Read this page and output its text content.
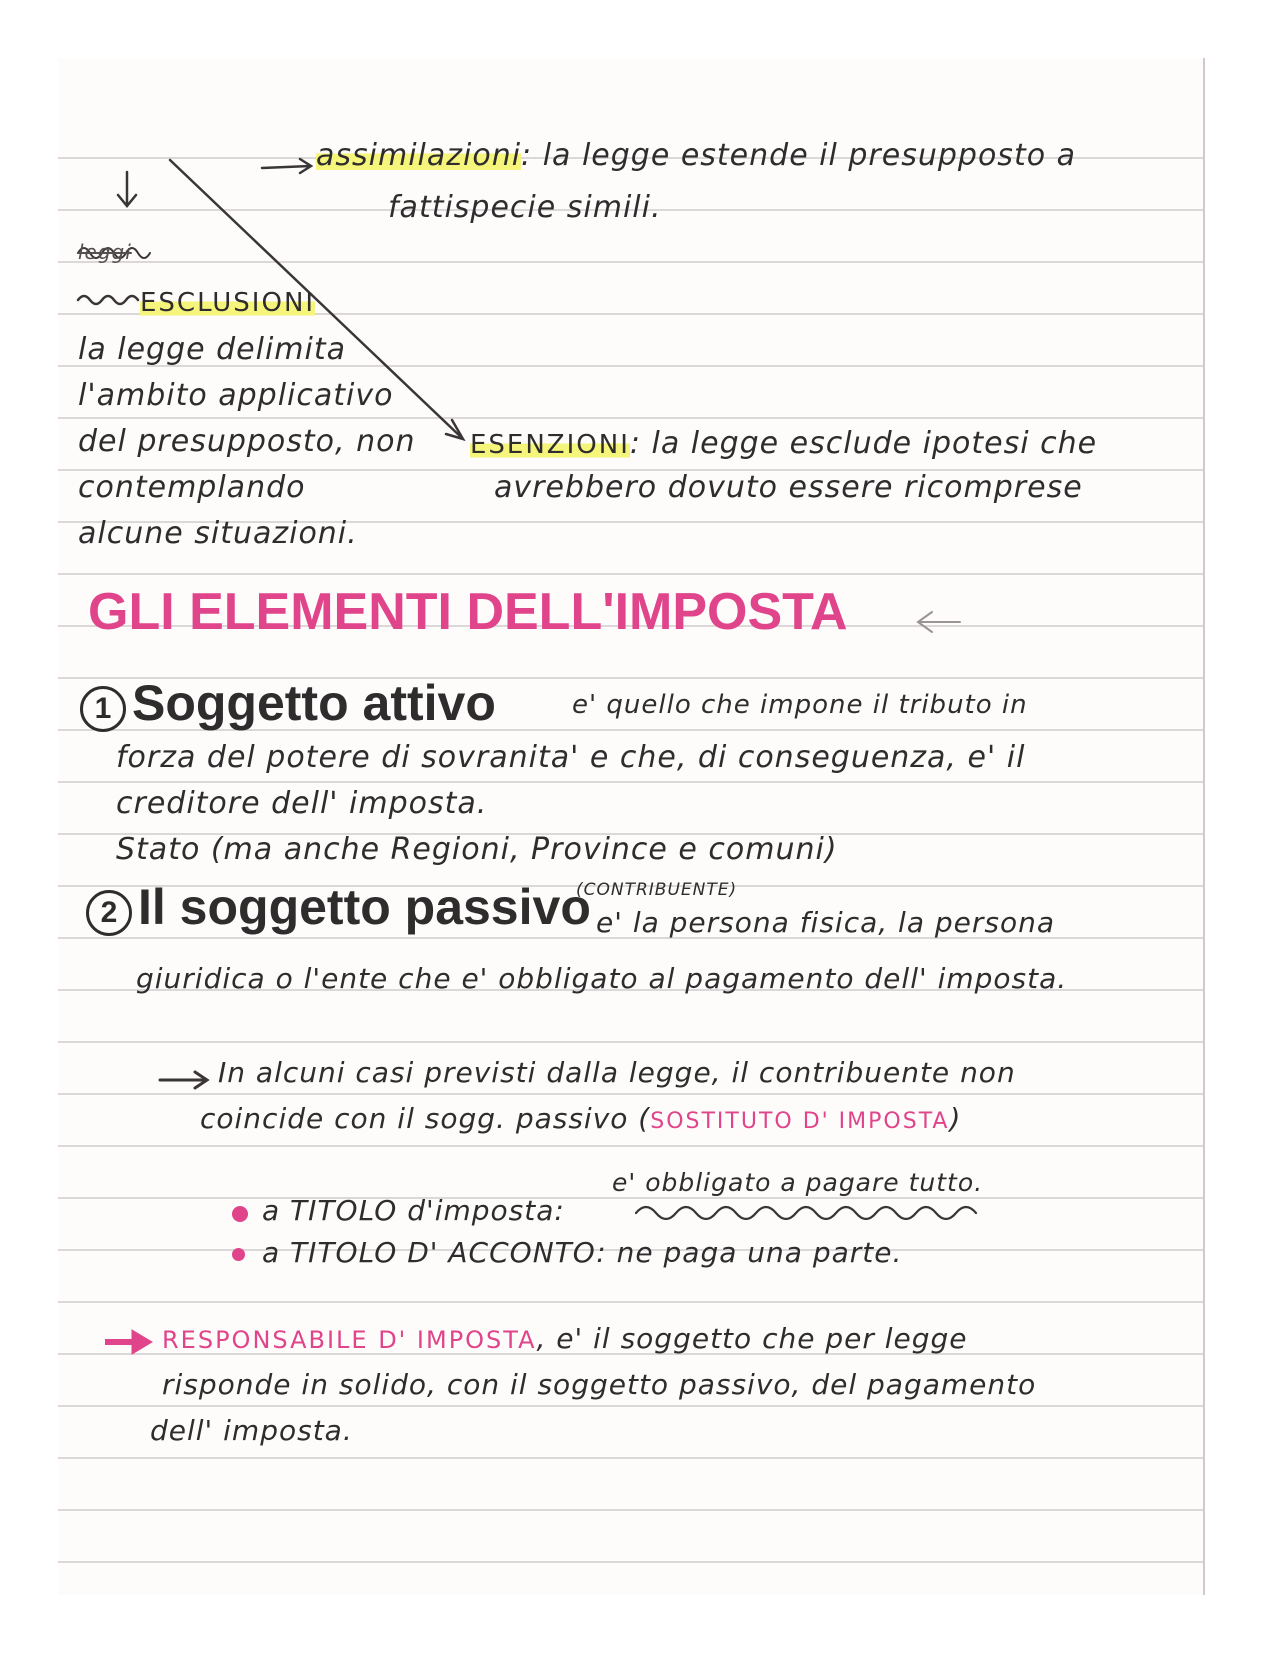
assimilazioni: la legge estende il presupposto a
fattispecie simili.
leggi
ESCLUSIONI
la legge delimita
l'ambito applicativo
del presupposto, non
contemplando
alcune situazioni.
ESENZIONI: la legge esclude ipotesi che
avrebbero dovuto essere ricomprese
GLI ELEMENTI DELL'IMPOSTA
1 Soggetto attivo	e' quello che impone il tributo in
forza del potere di sovranita' e che, di conseguenza, e' il
creditore dell' imposta.
Stato (ma anche Regioni, Province e comuni)
2 Il soggetto passivo
(CONTRIBUENTE)
e' la persona fisica, la persona
giuridica o l'ente che e' obbligato al pagamento dell' imposta.
In alcuni casi previsti dalla legge, il contribuente non
coincide con il sogg. passivo (SOSTITUTO D' IMPOSTA)
e' obbligato a pagare tutto.
a TITOLO d'imposta:
a TITOLO D' ACCONTO: ne paga una parte.
RESPONSABILE D' IMPOSTA, e' il soggetto che per legge
risponde in solido, con il soggetto passivo, del pagamento
dell' imposta.
